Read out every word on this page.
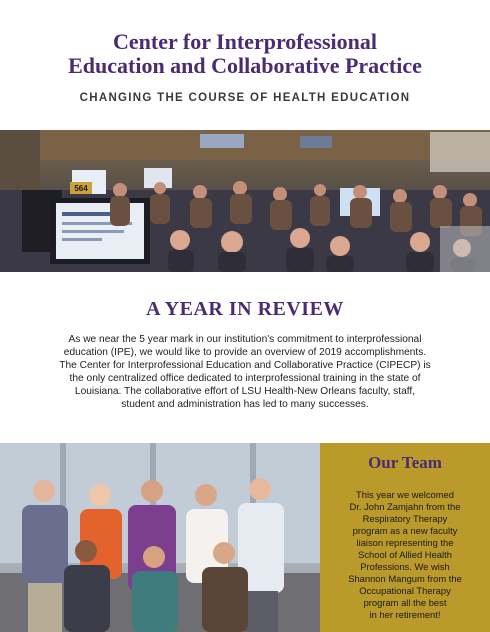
Center for Interprofessional
Education and Collaborative Practice
CHANGING THE COURSE OF HEALTH EDUCATION
564
A YEAR IN REVIEW
As we near the 5 year mark in our institution's commitment to interprofessional
education (IPE), we would like to provide an overview of 2019 accomplishments.
The Center for Interprofessional Education and Collaborative Practice (CIPECP) is
the only centralized office dedicated to interprofessional training in the state of
Louisiana. The collaborative effort of LSU Health-New Orleans faculty, staff,
student and administration has led to many successes.
Our Team
This year we welcomed
Dr. John Zamjahn from the
Respiratory Therapy
program as a new faculty
liaison representing the
School of Allied Health
Professions. We wish
Shannon Mangum from the
Occupational Therapy
program all the best
in her retirement!
